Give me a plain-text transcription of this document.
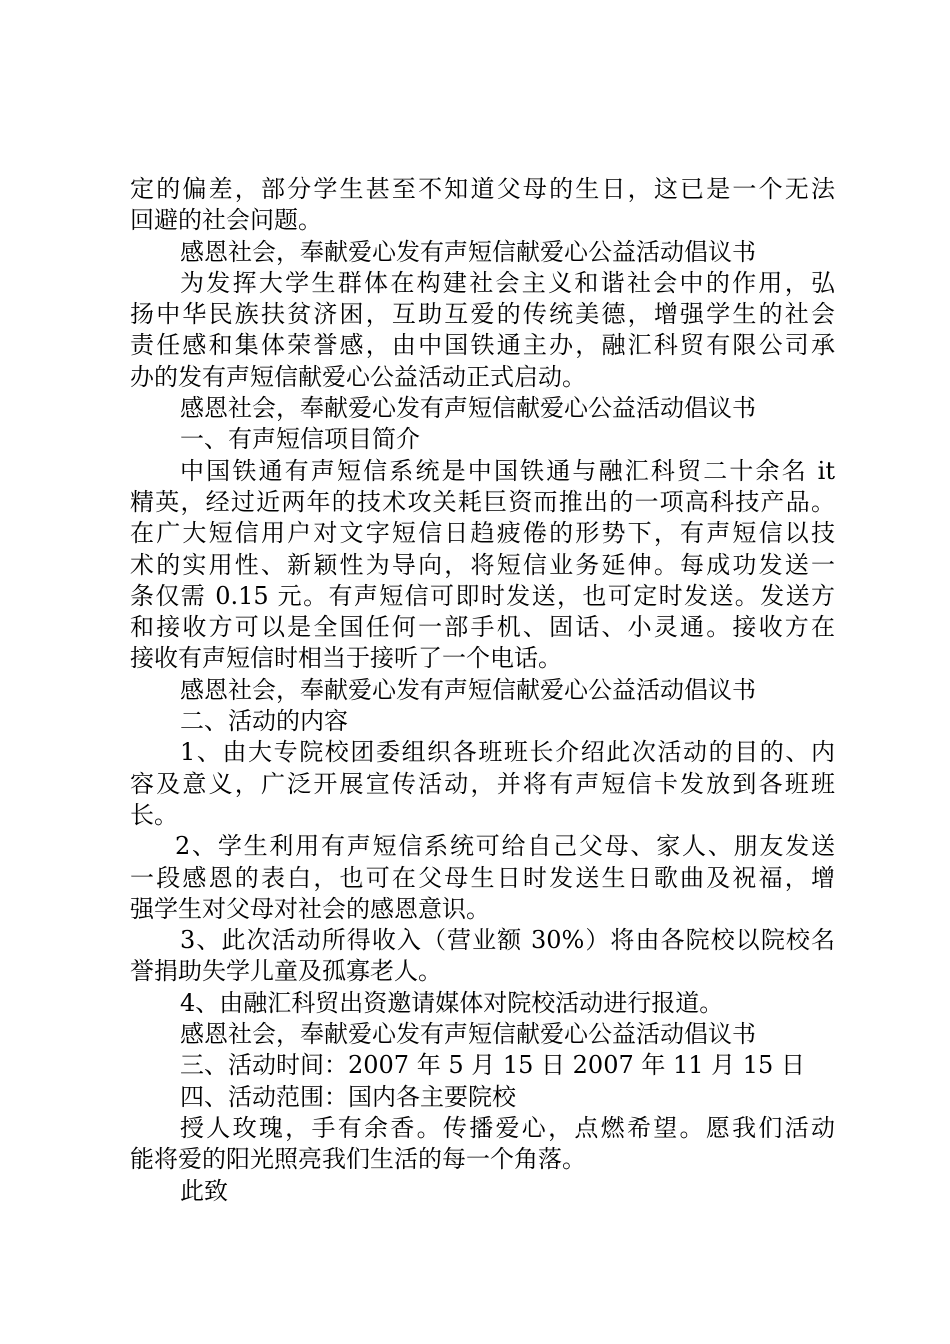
定的偏差，部分学生甚至不知道父母的生日，这已是一个无法
回避的社会问题。
感恩社会，奉献爱心发有声短信献爱心公益活动倡议书
为发挥大学生群体在构建社会主义和谐社会中的作用，弘
扬中华民族扶贫济困，互助互爱的传统美德，增强学生的社会
责任感和集体荣誉感，由中国铁通主办，融汇科贸有限公司承
办的发有声短信献爱心公益活动正式启动。
感恩社会，奉献爱心发有声短信献爱心公益活动倡议书
一、有声短信项目简介
中国铁通有声短信系统是中国铁通与融汇科贸二十余名 it
精英，经过近两年的技术攻关耗巨资而推出的一项高科技产品。
在广大短信用户对文字短信日趋疲倦的形势下，有声短信以技
术的实用性、新颖性为导向，将短信业务延伸。每成功发送一
条仅需 0.15 元。有声短信可即时发送，也可定时发送。发送方
和接收方可以是全国任何一部手机、固话、小灵通。接收方在
接收有声短信时相当于接听了一个电话。
感恩社会，奉献爱心发有声短信献爱心公益活动倡议书
二、活动的内容
1、由大专院校团委组织各班班长介绍此次活动的目的、内
容及意义，广泛开展宣传活动，并将有声短信卡发放到各班班
长。
2、学生利用有声短信系统可给自己父母、家人、朋友发送
一段感恩的表白，也可在父母生日时发送生日歌曲及祝福，增
强学生对父母对社会的感恩意识。
3、此次活动所得收入（营业额 30%）将由各院校以院校名
誉捐助失学儿童及孤寡老人。
4、由融汇科贸出资邀请媒体对院校活动进行报道。
感恩社会，奉献爱心发有声短信献爱心公益活动倡议书
三、活动时间：2007 年 5 月 15 日 2007 年 11 月 15 日
四、活动范围：国内各主要院校
授人玫瑰，手有余香。传播爱心，点燃希望。愿我们活动
能将爱的阳光照亮我们生活的每一个角落。
此致
